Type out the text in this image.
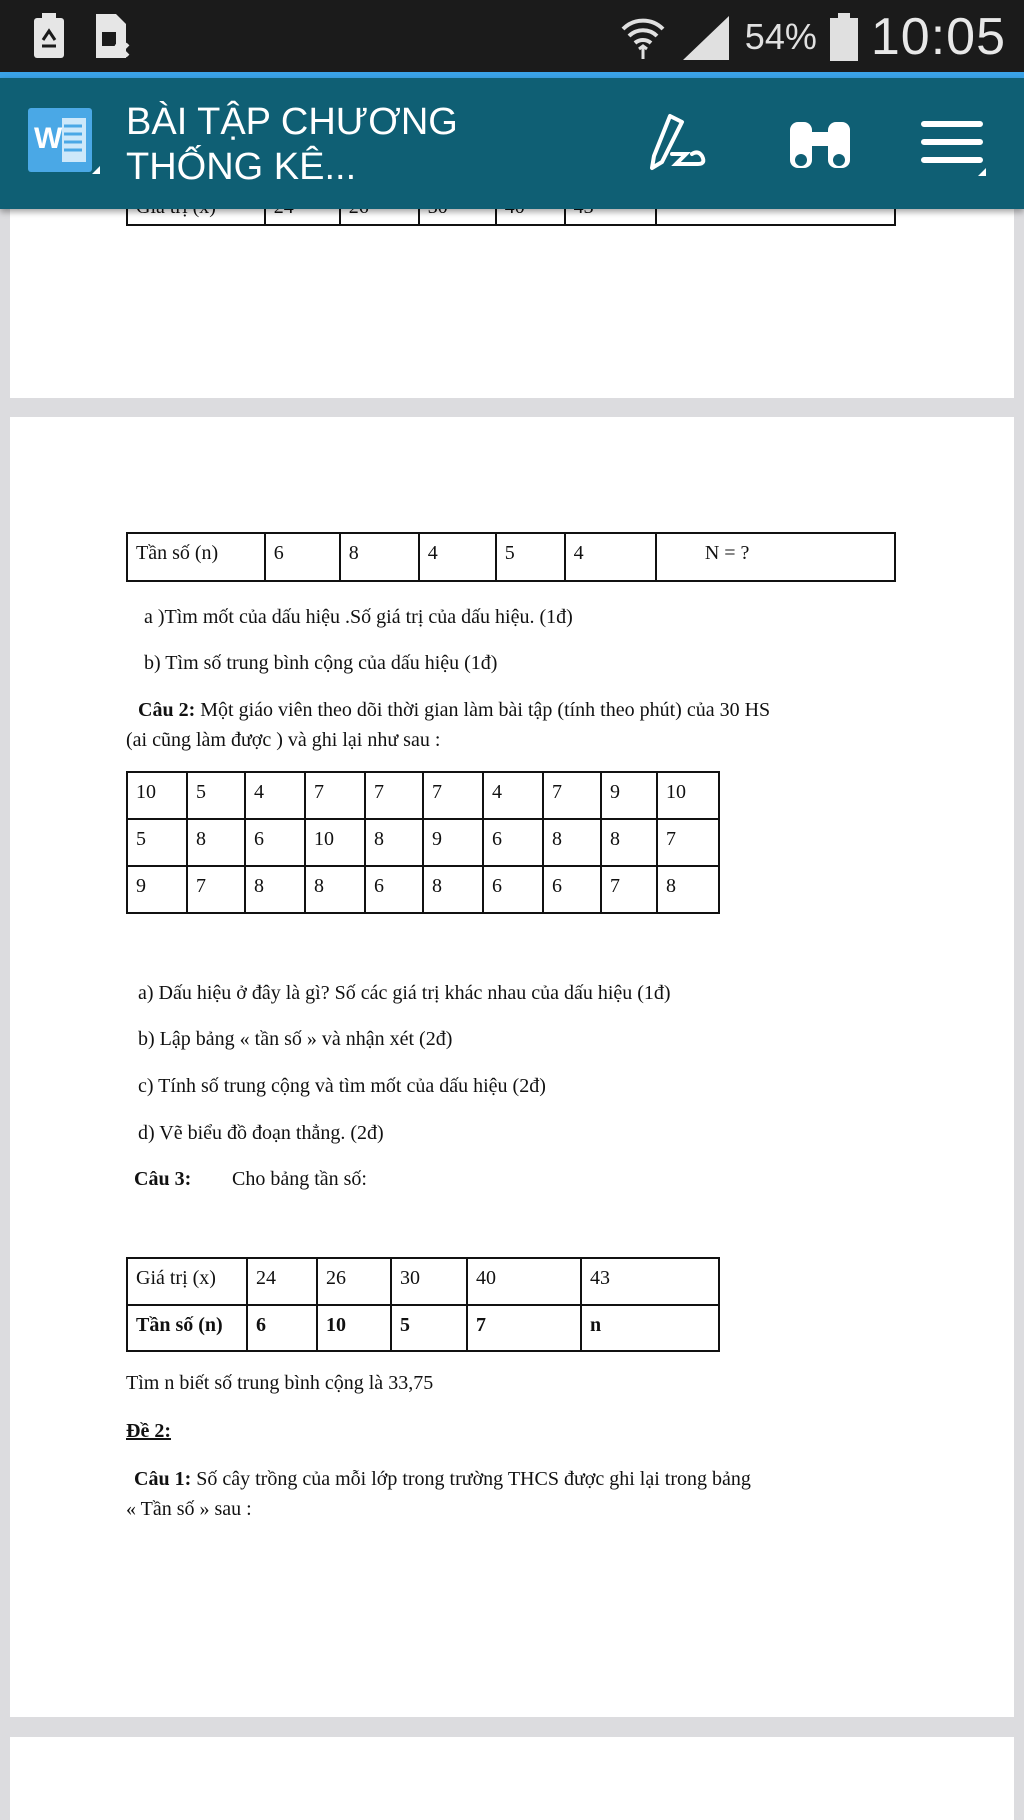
54% 10:05
W BÀI TẬP CHƯƠNG
THỐNG KÊ...

Tần số (n)	6	8	4	5	4	N = ?
a )Tìm mốt của dấu hiệu .Số giá trị của dấu hiệu. (1đ)
b) Tìm số trung bình cộng của dấu hiệu (1đ)
Câu 2: Một giáo viên theo dõi thời gian làm bài tập (tính theo phút) của 30 HS
(ai cũng làm được ) và ghi lại như sau :
10	5	4	7	7	7	4	7	9	10
5	8	6	10	8	9	6	8	8	7
9	7	8	8	6	8	6	6	7	8
a) Dấu hiệu ở đây là gì? Số các giá trị khác nhau của dấu hiệu (1đ)
b) Lập bảng « tần số » và nhận xét (2đ)
c) Tính số trung cộng và tìm mốt của dấu hiệu (2đ)
d) Vẽ biểu đồ đoạn thẳng. (2đ)
Câu 3: Cho bảng tần số:
Giá trị (x)	24	26	30	40	43
Tần số (n)	6	10	5	7	n
Tìm n biết số trung bình cộng là 33,75
Đề 2:
Câu 1: Số cây trồng của mỗi lớp trong trường THCS được ghi lại trong bảng
« Tần số » sau :
